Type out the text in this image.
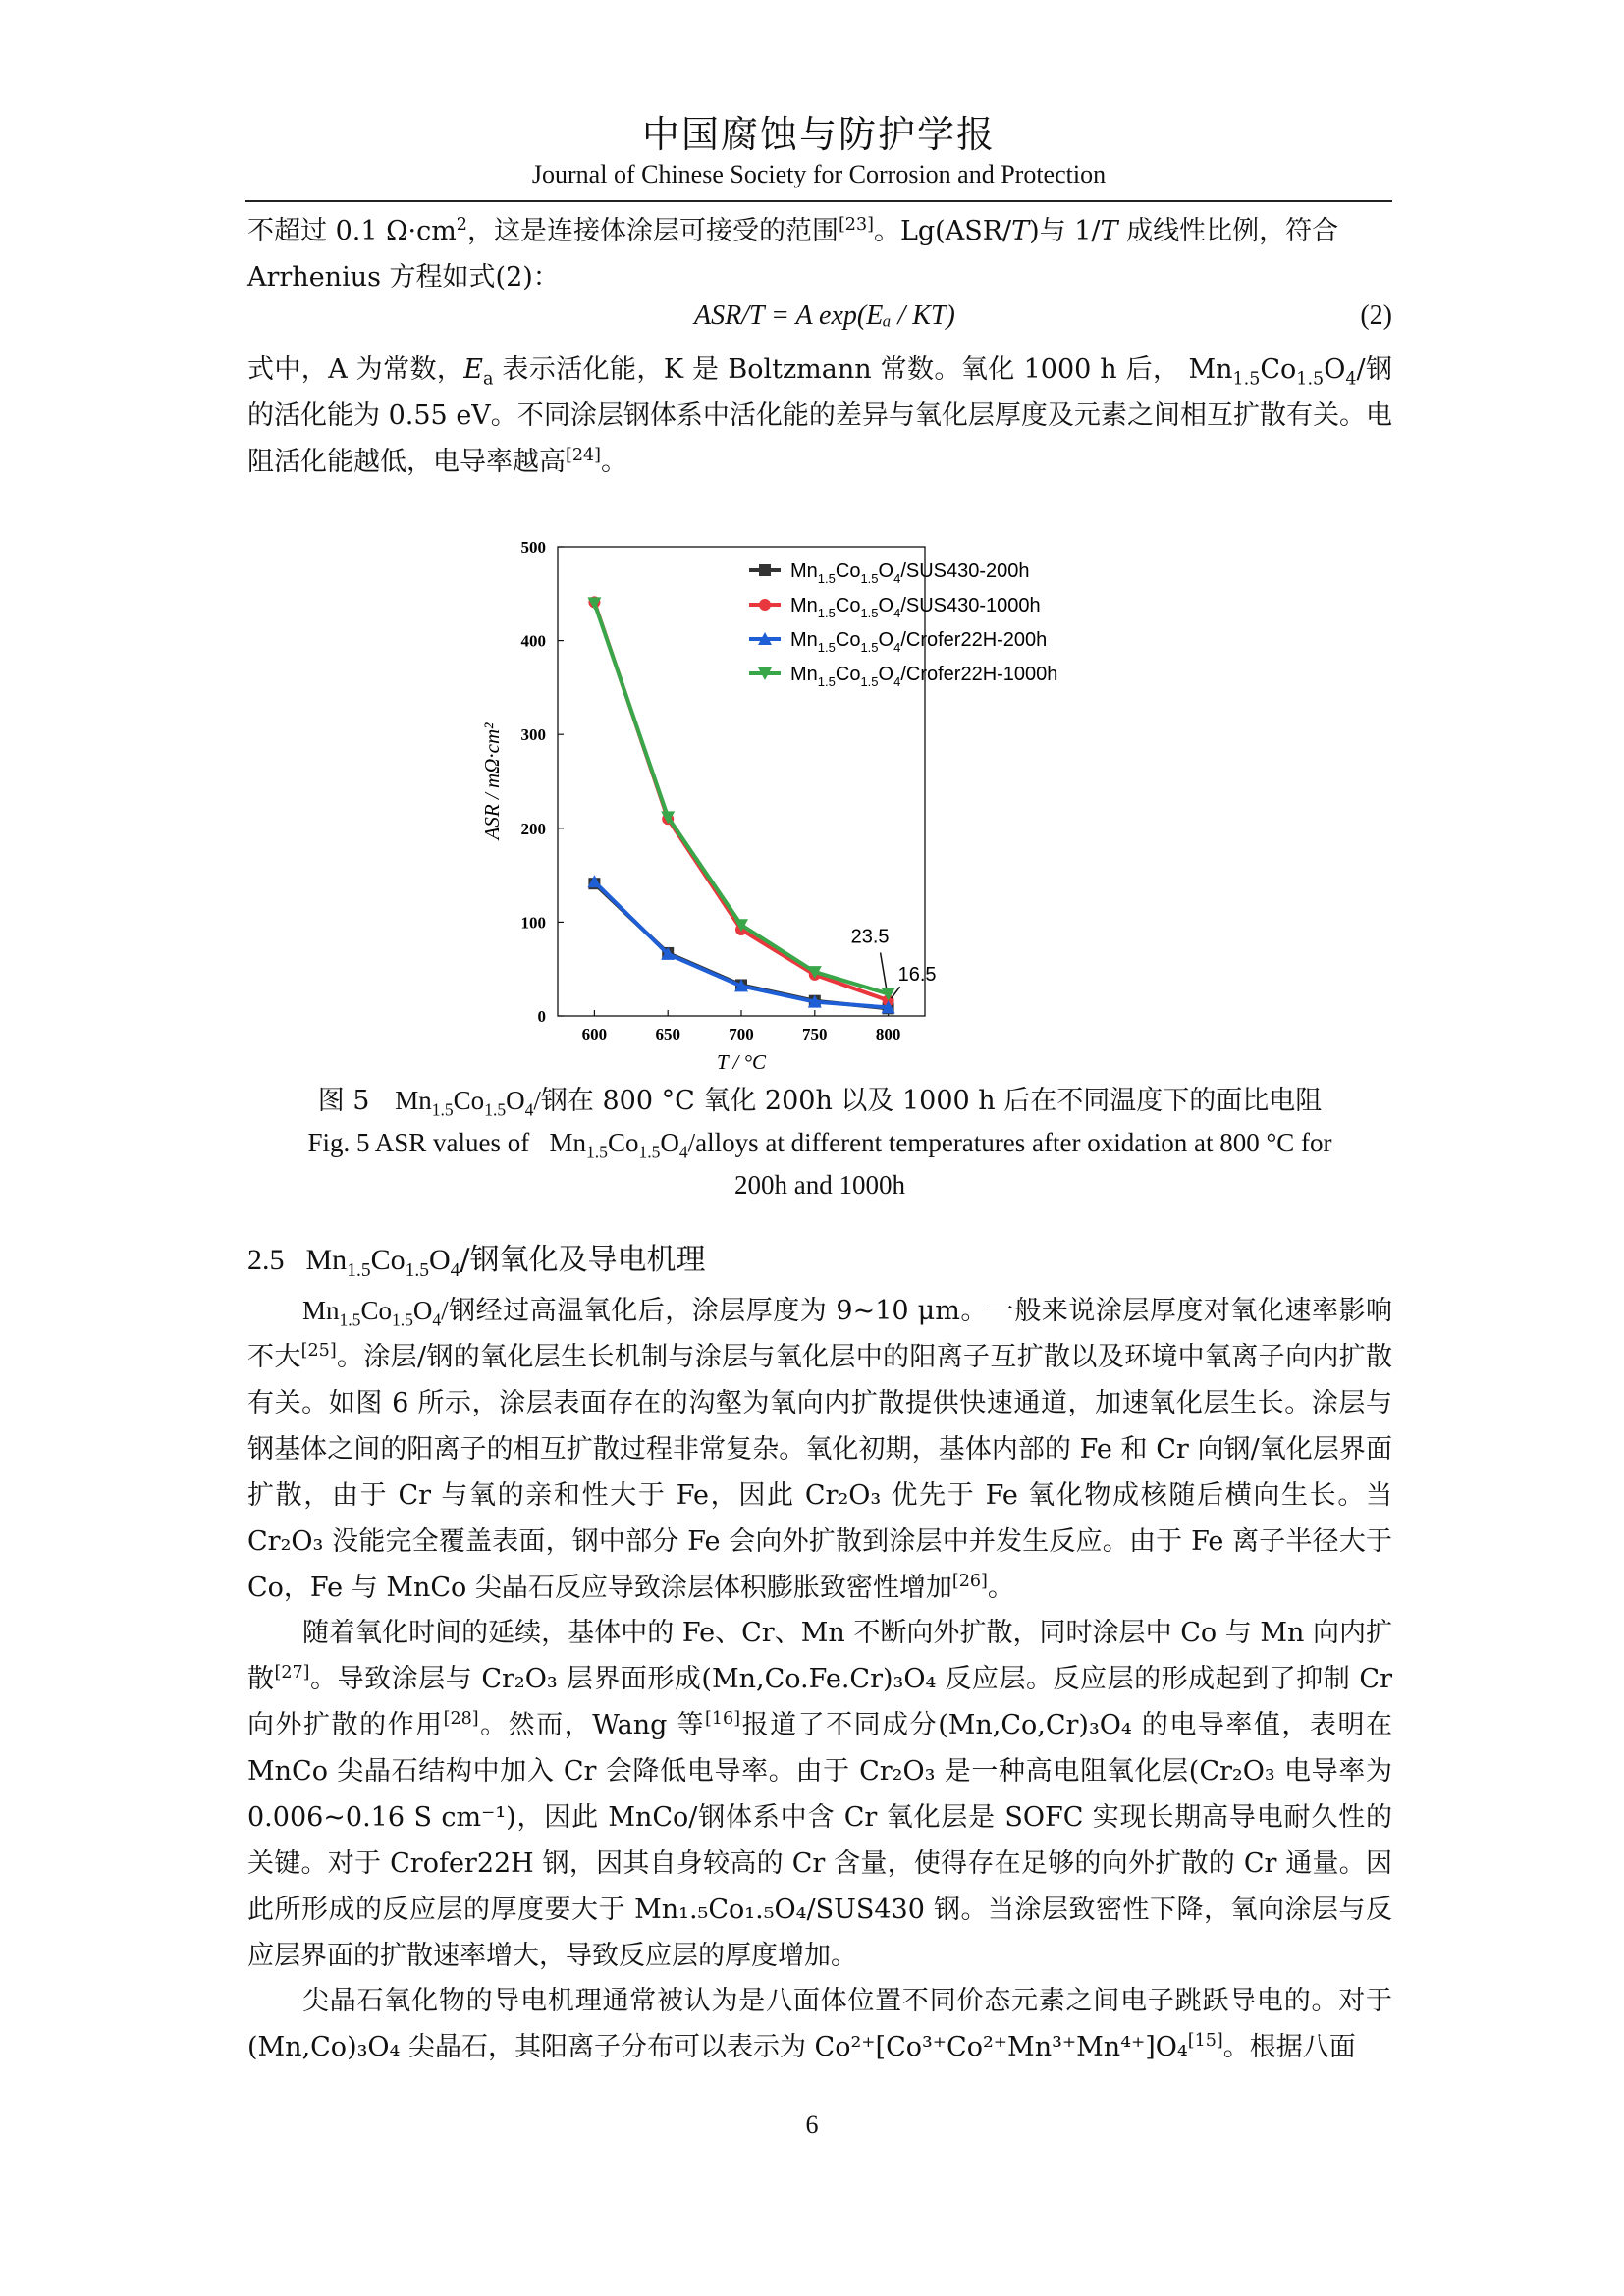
中国腐蚀与防护学报
Journal of Chinese Society for Corrosion and Protection

不超过 0.1 $\Omega\cdot cm^2$，这是连接体涂层可接受的范围[23]。Lg(ASR/T)与 1/T 成线性比例，符合
Arrhenius 方程如式(2)：

ASR/T = A exp(Eₐ / KT)	(2)

式中，A 为常数，$E_a$ 表示活化能，K 是 Boltzmann 常数。氧化 1000 h 后， $Mn_{1.5}Co_{1.5}O_4/$钢的活化能为 0.55 eV。不同涂层钢体系中活化能的差异与氧化层厚度及元素之间相互扩散有关。电阻活化能越低，电导率越高[24]。

600	650	700	750	800
0
100
200
300
400
500
T / °C
ASR / mΩ·cm²
$Mn_{1.5}Co_{1.5}O_4/SUS430-200h$
$Mn_{1.5}Co_{1.5}O_4/SUS430-1000h$
$Mn_{1.5}Co_{1.5}O_4/Crofer22H-200h$
$Mn_{1.5}Co_{1.5}O_4/Crofer22H-1000h$
23.5
16.5
图 5 $Mn_{1.5}Co_{1.5}O_4/$钢在 800 °C 氧化 200h 以及 1000 h 后在不同温度下的面比电阻
Fig. 5 ASR values of   $Mn_{1.5}Co_{1.5}O_4$/alloys at different temperatures after oxidation at 800 °C for
200h and 1000h
2.5 $Mn_{1.5}Co_{1.5}O_4/$钢氧化及导电机理

$Mn_{1.5}Co_{1.5}O_4/$钢经过高温氧化后，涂层厚度为 9~10 μm。一般来说涂层厚度对氧化速率影响不大[25]。涂层/钢的氧化层生长机制与涂层与氧化层中的阳离子互扩散以及环境中氧离子向内扩散有关。如图 6 所示，涂层表面存在的沟壑为氧向内扩散提供快速通道，加速氧化层生长。涂层与钢基体之间的阳离子的相互扩散过程非常复杂。氧化初期，基体内部的 Fe 和 Cr 向钢/氧化层界面扩散，由于 Cr 与氧的亲和性大于 Fe，因此 Cr₂O₃ 优先于 Fe 氧化物成核随后横向生长。当 Cr₂O₃ 没能完全覆盖表面，钢中部分 Fe 会向外扩散到涂层中并发生反应。由于 Fe 离子半径大于 Co，Fe 与 MnCo 尖晶石反应导致涂层体积膨胀致密性增加[26]。

随着氧化时间的延续，基体中的 Fe、Cr、Mn 不断向外扩散，同时涂层中 Co 与 Mn 向内扩散[27]。导致涂层与 Cr₂O₃ 层界面形成(Mn,Co.Fe.Cr)₃O₄ 反应层。反应层的形成起到了抑制 Cr 向外扩散的作用[28]。然而，Wang 等[16]报道了不同成分(Mn,Co,Cr)₃O₄ 的电导率值，表明在 MnCo 尖晶石结构中加入 Cr 会降低电导率。由于 Cr₂O₃ 是一种高电阻氧化层(Cr₂O₃ 电导率为 0.006~0.16 S cm⁻¹)，因此 MnCo/钢体系中含 Cr 氧化层是 SOFC 实现长期高导电耐久性的关键。对于 Crofer22H 钢，因其自身较高的 Cr 含量，使得存在足够的向外扩散的 Cr 通量。因此所形成的反应层的厚度要大于 Mn₁.₅Co₁.₅O₄/SUS430 钢。当涂层致密性下降，氧向涂层与反应层界面的扩散速率增大，导致反应层的厚度增加。

尖晶石氧化物的导电机理通常被认为是八面体位置不同价态元素之间电子跳跃导电的。对于(Mn,Co)₃O₄ 尖晶石，其阳离子分布可以表示为 Co²⁺[Co³⁺Co²⁺Mn³⁺Mn⁴⁺]O₄[15]。根据八面

6
